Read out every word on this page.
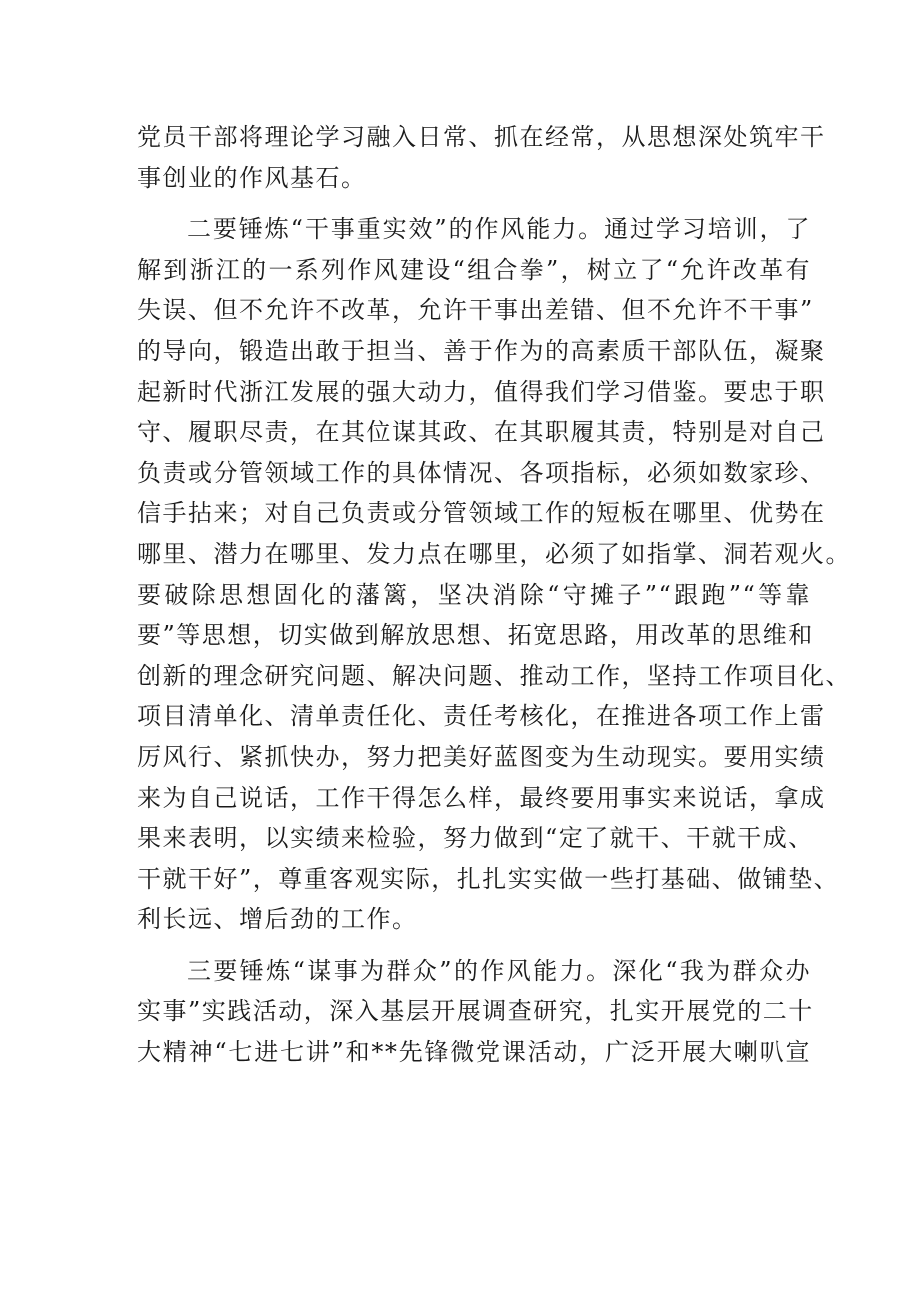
党员干部将理论学习融入日常、抓在经常，从思想深处筑牢干
事创业的作风基石。

二要锤炼“干事重实效”的作风能力。通过学习培训，了
解到浙江的一系列作风建设“组合拳”，树立了“允许改革有
失误、但不允许不改革，允许干事出差错、但不允许不干事”
的导向，锻造出敢于担当、善于作为的高素质干部队伍，凝聚
起新时代浙江发展的强大动力，值得我们学习借鉴。要忠于职
守、履职尽责，在其位谋其政、在其职履其责，特别是对自己
负责或分管领域工作的具体情况、各项指标，必须如数家珍、
信手拈来；对自己负责或分管领域工作的短板在哪里、优势在
哪里、潜力在哪里、发力点在哪里，必须了如指掌、洞若观火。
要破除思想固化的藩篱，坚决消除“守摊子”“跟跑”“等靠
要”等思想，切实做到解放思想、拓宽思路，用改革的思维和
创新的理念研究问题、解决问题、推动工作，坚持工作项目化、
项目清单化、清单责任化、责任考核化，在推进各项工作上雷
厉风行、紧抓快办，努力把美好蓝图变为生动现实。要用实绩
来为自己说话，工作干得怎么样，最终要用事实来说话，拿成
果来表明，以实绩来检验，努力做到“定了就干、干就干成、
干就干好”，尊重客观实际，扎扎实实做一些打基础、做铺垫、
利长远、增后劲的工作。

三要锤炼“谋事为群众”的作风能力。深化“我为群众办
实事”实践活动，深入基层开展调查研究，扎实开展党的二十
大精神“七进七讲”和**先锋微党课活动，广泛开展大喇叭宣
